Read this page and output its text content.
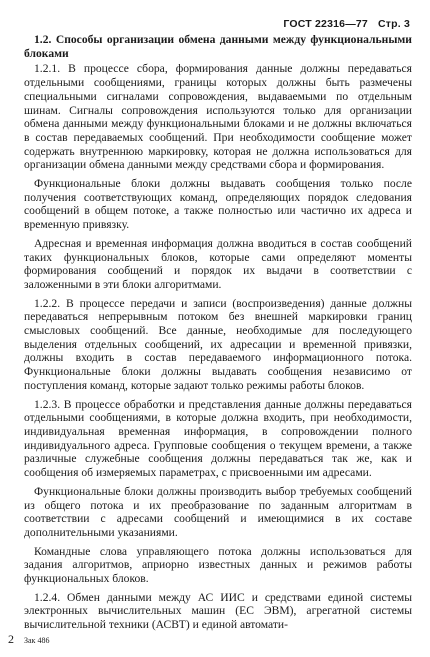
ГОСТ 22316—77 Стр. 3

1.2. Способы организации обмена данными между функциональными блоками

1.2.1. В процессе сбора, формирования данные должны передаваться отдельными сообщениями, границы которых должны быть размечены специальными сигналами сопровождения, выдаваемыми по отдельным шинам. Сигналы сопровождения используются только для организации обмена данными между функциональными блоками и не должны включаться в состав передаваемых сообщений. При необходимости сообщение может содержать внутреннюю маркировку, которая не должна использоваться для организации обмена данными между средствами сбора и формирования.

Функциональные блоки должны выдавать сообщения только после получения соответствующих команд, определяющих порядок следования сообщений в общем потоке, а также полностью или частично их адреса и временную привязку.

Адресная и временная информация должна вводиться в состав сообщений таких функциональных блоков, которые сами определяют моменты формирования сообщений и порядок их выдачи в соответствии с заложенными в эти блоки алгоритмами.

1.2.2. В процессе передачи и записи (воспроизведения) данные должны передаваться непрерывным потоком без внешней маркировки границ смысловых сообщений. Все данные, необходимые для последующего выделения отдельных сообщений, их адресации и временной привязки, должны входить в состав передаваемого информационного потока. Функциональные блоки должны выдавать сообщения независимо от поступления команд, которые задают только режимы работы блоков.

1.2.3. В процессе обработки и представления данные должны передаваться отдельными сообщениями, в которые должна входить, при необходимости, индивидуальная временная информация, в сопровождении полного индивидуального адреса. Групповые сообщения о текущем времени, а также различные служебные сообщения должны передаваться так же, как и сообщения об измеряемых параметрах, с присвоенными им адресами.

Функциональные блоки должны производить выбор требуемых сообщений из общего потока и их преобразование по заданным алгоритмам в соответствии с адресами сообщений и имеющимися в их составе дополнительными указаниями.

Командные слова управляющего потока должны использоваться для задания алгоритмов, априорно известных данных и режимов работы функциональных блоков.

1.2.4. Обмен данными между АС ИИС и средствами единой системы электронных вычислительных машин (ЕС ЭВМ), агрегатной системы вычислительной техники (АСВТ) и единой автомати-

2 Зак 486
